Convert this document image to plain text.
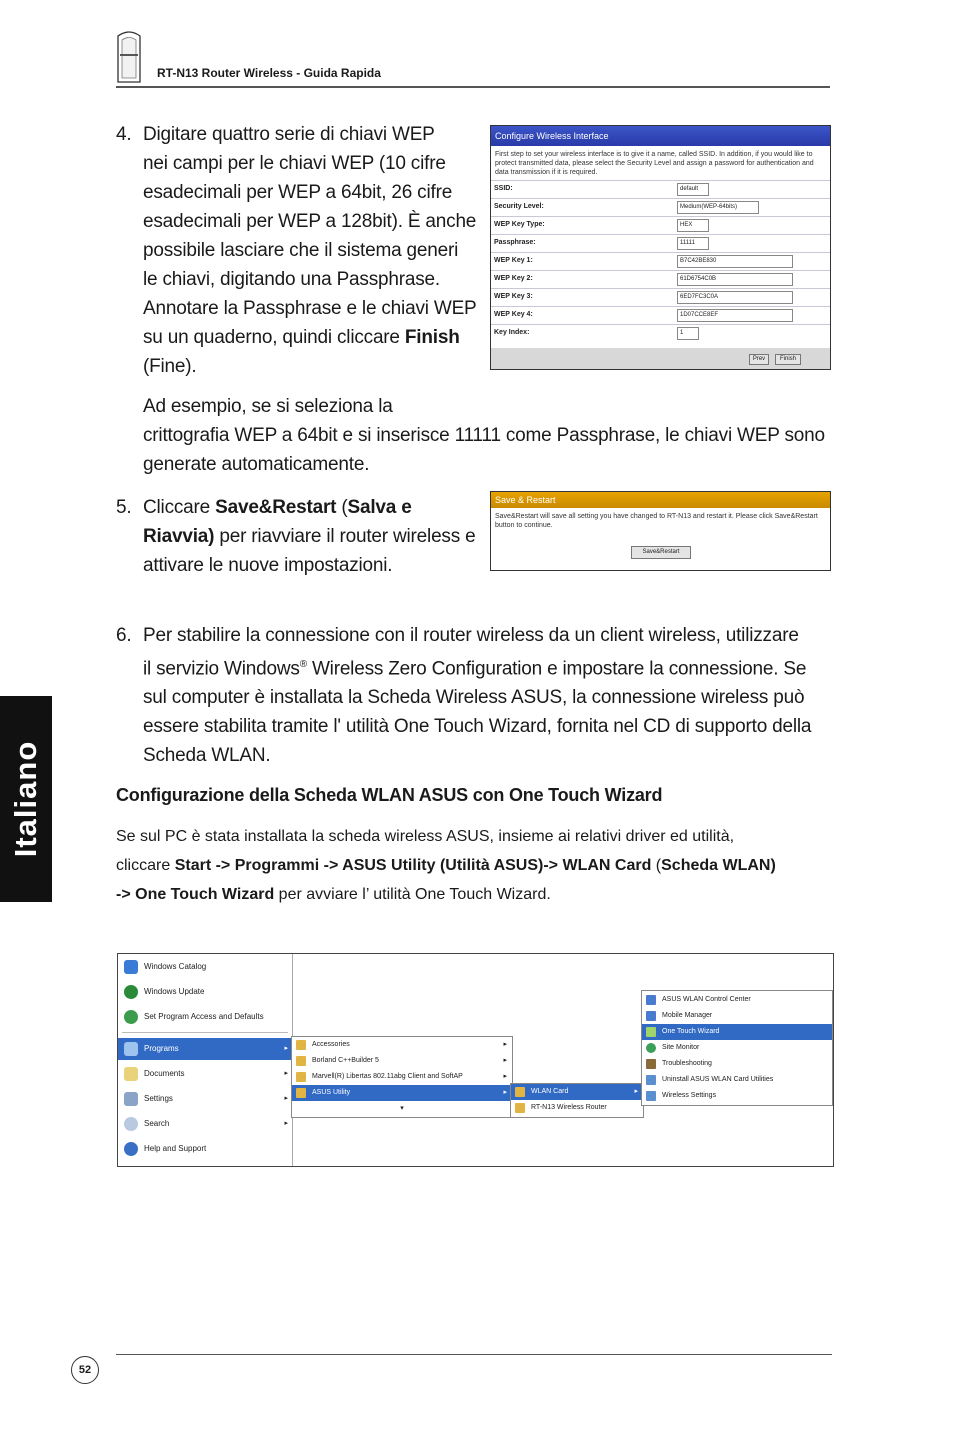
RT-N13 Router Wireless - Guida Rapida
Italiano
4. Digitare quattro serie di chiavi WEP
nei campi per le chiavi WEP (10 cifre
esadecimali per WEP a 64bit, 26 cifre
esadecimali per WEP a 128bit). È anche
possibile lasciare che il sistema generi
le chiavi, digitando una Passphrase.
Annotare la Passphrase e le chiavi WEP
su un quaderno, quindi cliccare Finish
(Fine).
Ad esempio, se si seleziona la
crittografia WEP a 64bit e si inserisce 11111 come Passphrase, le chiavi WEP sono
generate automaticamente.
Configure Wireless Interface
First step to set your wireless interface is to give it a name, called SSID. In addition, if you would like to protect transmitted data, please select the Security Level and assign a password for authentication and data transmission if it is required.
SSID:	default
Security Level:	Medium(WEP-64bits)
WEP Key Type:	HEX
Passphrase:	11111
WEP Key 1:	B7C42BE830
WEP Key 2:	61D6754C0B
WEP Key 3:	6ED7FC3C0A
WEP Key 4:	1D07CCE8EF
Key Index:	1
Prev	Finish
5. Cliccare Save&Restart (Salva e
Riavvia) per riavviare il router wireless e
attivare le nuove impostazioni.
Save & Restart
Save&Restart will save all setting you have changed to RT-N13 and restart it. Please click Save&Restart button to continue.
Save&Restart
6. Per stabilire la connessione con il router wireless da un client wireless, utilizzare
il servizio Windows® Wireless Zero Configuration e impostare la connessione. Se
sul computer è installata la Scheda Wireless ASUS, la connessione wireless può
essere stabilita tramite l' utilità One Touch Wizard, fornita nel CD di supporto della
Scheda WLAN.
Configurazione della Scheda WLAN ASUS con One Touch Wizard
Se sul PC è stata installata la scheda wireless ASUS, insieme ai relativi driver ed utilità,
cliccare Start -> Programmi -> ASUS Utility (Utilità ASUS)-> WLAN Card (Scheda WLAN)
-> One Touch Wizard per avviare l’ utilità One Touch Wizard.
Windows Catalog
Windows Update
Set Program Access and Defaults
Programs	▸
Documents	▸
Settings	▸
Search	▸
Help and Support
Accessories	▸
Borland C++Builder 5	▸
Marvell(R) Libertas 802.11abg Client and SoftAP	▸
ASUS Utility	▸
▾
WLAN Card	▸
RT-N13 Wireless Router
ASUS WLAN Control Center
Mobile Manager
One Touch Wizard
Site Monitor
Troubleshooting
Uninstall ASUS WLAN Card Utilities
Wireless Settings
52
